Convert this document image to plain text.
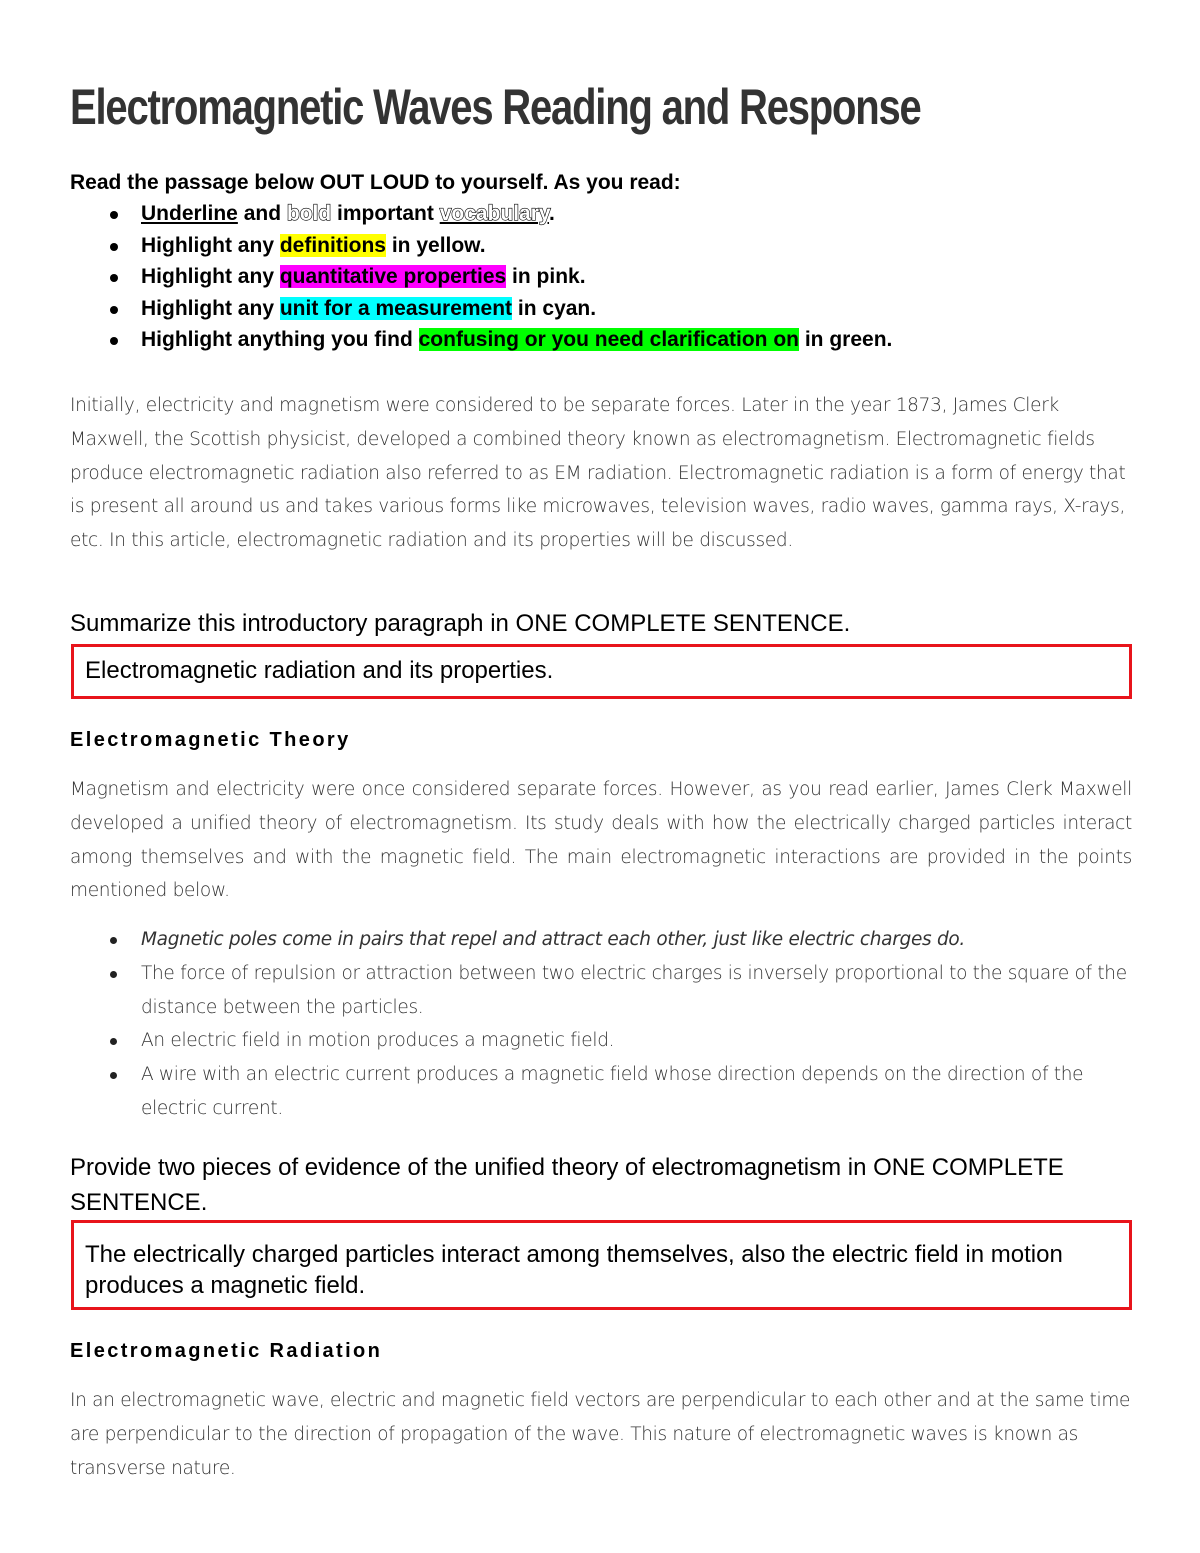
Electromagnetic Waves Reading and Response
Read the passage below OUT LOUD to yourself. As you read:
Underline and bold important vocabulary.
Highlight any definitions in yellow.
Highlight any quantitative properties in pink.
Highlight any unit for a measurement in cyan.
Highlight anything you find confusing or you need clarification on in green.

Initially, electricity and magnetism were considered to be separate forces. Later in the year 1873, James Clerk Maxwell, the Scottish physicist, developed a combined theory known as electromagnetism. Electromagnetic fields produce electromagnetic radiation also referred to as EM radiation. Electromagnetic radiation is a form of energy that is present all around us and takes various forms like microwaves, television waves, radio waves, gamma rays, X-rays, etc. In this article, electromagnetic radiation and its properties will be discussed.

Summarize this introductory paragraph in ONE COMPLETE SENTENCE.

Electromagnetic radiation and its properties.
Electromagnetic Theory

Magnetism and electricity were once considered separate forces. However, as you read earlier, James Clerk Maxwell developed a unified theory of electromagnetism. Its study deals with how the electrically charged particles interact among themselves and with the magnetic field. The main electromagnetic interactions are provided in the points mentioned below.

Magnetic poles come in pairs that repel and attract each other, just like electric charges do.
The force of repulsion or attraction between two electric charges is inversely proportional to the square of the distance between the particles.
An electric field in motion produces a magnetic field.
A wire with an electric current produces a magnetic field whose direction depends on the direction of the electric current.

Provide two pieces of evidence of the unified theory of electromagnetism in ONE COMPLETE SENTENCE.

The electrically charged particles interact among themselves, also the electric field in motion produces a magnetic field.
Electromagnetic Radiation

In an electromagnetic wave, electric and magnetic field vectors are perpendicular to each other and at the same time are perpendicular to the direction of propagation of the wave. This nature of electromagnetic waves is known as transverse nature.
